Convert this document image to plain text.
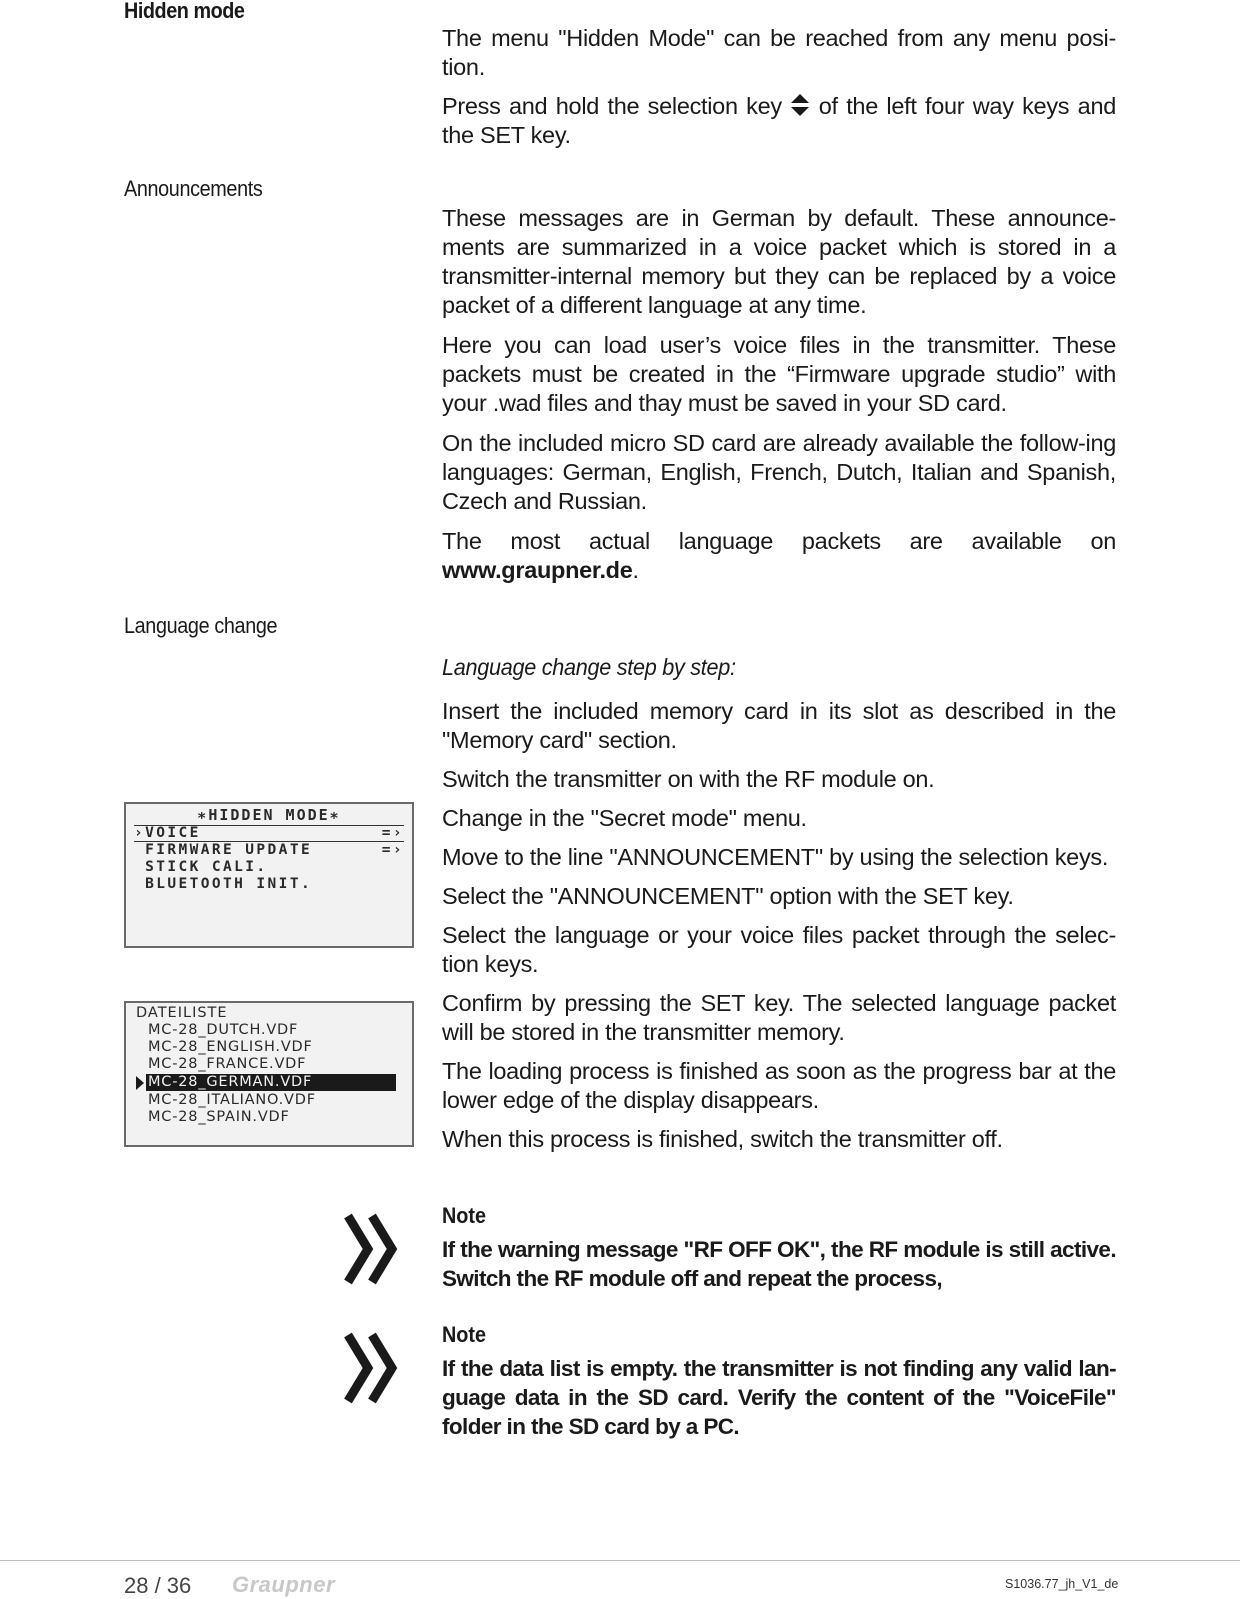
Hidden mode

The menu "Hidden Mode" can be reached from any menu posi-tion.

Press and hold the selection key  of the left four way keys and the SET key.

Announcements

These messages are in German by default. These announce-ments are summarized in a voice packet which is stored in a transmitter-internal memory but they can be replaced by a voice packet of a different language at any time.

Here you can load user’s voice files in the transmitter. These packets must be created in the “Firmware upgrade studio” with your .wad files and thay must be saved in your SD card.

On the included micro SD card are already available the follow-ing languages: German, English, French, Dutch, Italian and Spanish, Czech and Russian.

The most actual language packets are available on www.graupner.de.

Language change

Language change step by step:

Insert the included memory card in its slot as described in the "Memory card" section.

Switch the transmitter on with the RF module on.

Change in the "Secret mode" menu.

Move to the line "ANNOUNCEMENT" by using the selection keys.

Select the "ANNOUNCEMENT" option with the SET key.

Select the language or your voice files packet through the selec-tion keys.

Confirm by pressing the SET key. The selected language packet will be stored in the transmitter memory.

The loading process is finished as soon as the progress bar at the lower edge of the display disappears.

When this process is finished, switch the transmitter off.

∗HIDDEN MODE∗
›VOICE	=›
FIRMWARE UPDATE	=›
STICK CALI.
BLUETOOTH INIT.
DATEILISTE
MC-28_DUTCH.VDF
MC-28_ENGLISH.VDF
MC-28_FRANCE.VDF
MC-28_GERMAN.VDF
MC-28_ITALIANO.VDF
MC-28_SPAIN.VDF
Note

If the warning message "RF OFF OK", the RF module is still active. Switch the RF module off and repeat the process,

Note

If the data list is empty. the transmitter is not finding any valid lan-guage data in the SD card. Verify the content of the "VoiceFile" folder in the SD card by a PC.

28 / 36 Graupner	S1036.77_jh_V1_de
